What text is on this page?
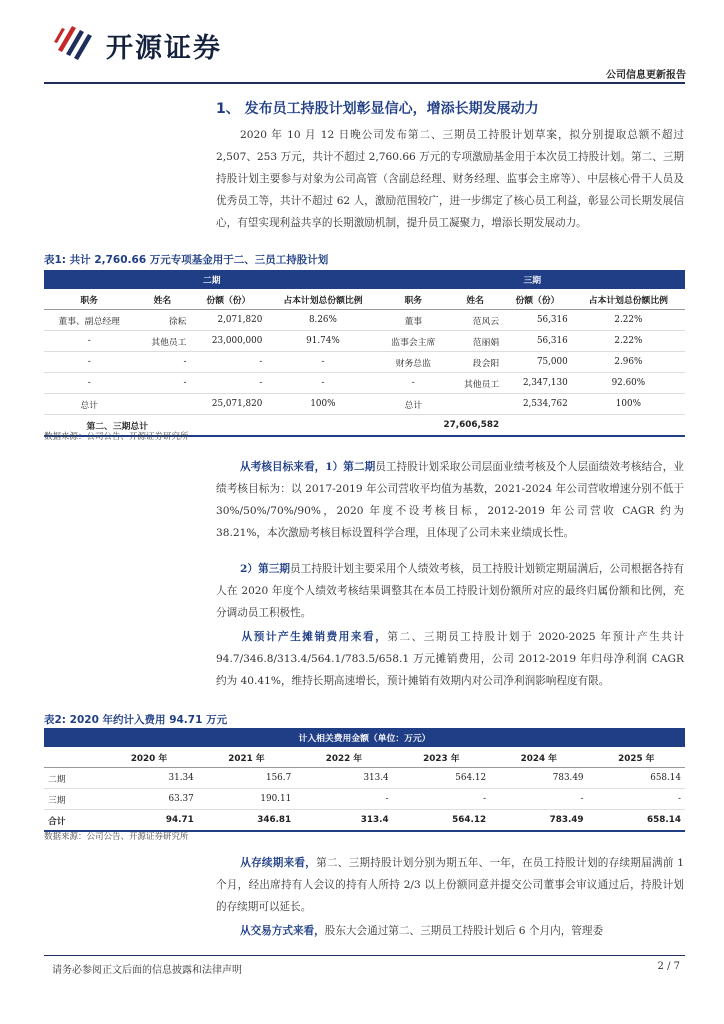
开源证券
公司信息更新报告
1、 发布员工持股计划彰显信心，增添长期发展动力
2020 年 10 月 12 日晚公司发布第二、三期员工持股计划草案，拟分别提取总额不超过 2,507、253 万元，共计不超过 2,760.66 万元的专项激励基金用于本次员工持股计划。第二、三期持股计划主要参与对象为公司高管（含副总经理、财务经理、监事会主席等）、中层核心骨干人员及优秀员工等，共计不超过 62 人，激励范围较广，进一步绑定了核心员工利益，彰显公司长期发展信心，有望实现利益共享的长期激励机制，提升员工凝聚力，增添长期发展动力。
表1: 共计 2,760.66 万元专项基金用于二、三员工持股计划
二期				三期			
职务	姓名	份额（份）	占本计划总份额比例	职务	姓名	份额（份）	占本计划总份额比例
董事、副总经理	徐耘	2,071,820	8.26%	董事	范风云	56,316	2.22%
-	其他员工	23,000,000	91.74%	监事会主席	范丽娟	56,316	2.22%
-	-	-	-	财务总监	段会阳	75,000	2.96%
-	-	-	-	-	其他员工	2,347,130	92.60%
总计		25,071,820	100%	总计		2,534,762	100%
第二、三期总计				27,606,582			
数据来源：公司公告、开源证券研究所
从考核目标来看，1）第二期员工持股计划采取公司层面业绩考核及个人层面绩效考核结合，业绩考核目标为：以 2017-2019 年公司营收平均值为基数，2021-2024 年公司营收增速分别不低于 30%/50%/70%/90%，2020 年度不设考核目标，2012-2019 年公司营收 CAGR 约为 38.21%，本次激励考核目标设置科学合理，且体现了公司未来业绩成长性。
2）第三期员工持股计划主要采用个人绩效考核，员工持股计划锁定期届满后，公司根据各持有人在 2020 年度个人绩效考核结果调整其在本员工持股计划份额所对应的最终归属份额和比例，充分调动员工积极性。
从预计产生摊销费用来看，第二、三期员工持股计划于 2020-2025 年预计产生共计 94.7/346.8/313.4/564.1/783.5/658.1 万元摊销费用，公司 2012-2019 年归母净利润 CAGR 约为 40.41%，维持长期高速增长，预计摊销有效期内对公司净利润影响程度有限。
表2: 2020 年约计入费用 94.71 万元
计入相关费用金额（单位：万元）						
	2020 年	2021 年	2022 年	2023 年	2024 年	2025 年
二期	31.34	156.7	313.4	564.12	783.49	658.14
三期	63.37	190.11	-	-	-	-
合计	94.71	346.81	313.4	564.12	783.49	658.14
数据来源：公司公告、开源证券研究所
从存续期来看，第二、三期持股计划分别为期五年、一年，在员工持股计划的存续期届满前 1 个月，经出席持有人会议的持有人所持 2/3 以上份额同意并提交公司董事会审议通过后，持股计划的存续期可以延长。
从交易方式来看，股东大会通过第二、三期员工持股计划后 6 个月内，管理委
请务必参阅正文后面的信息披露和法律声明	2 / 7
